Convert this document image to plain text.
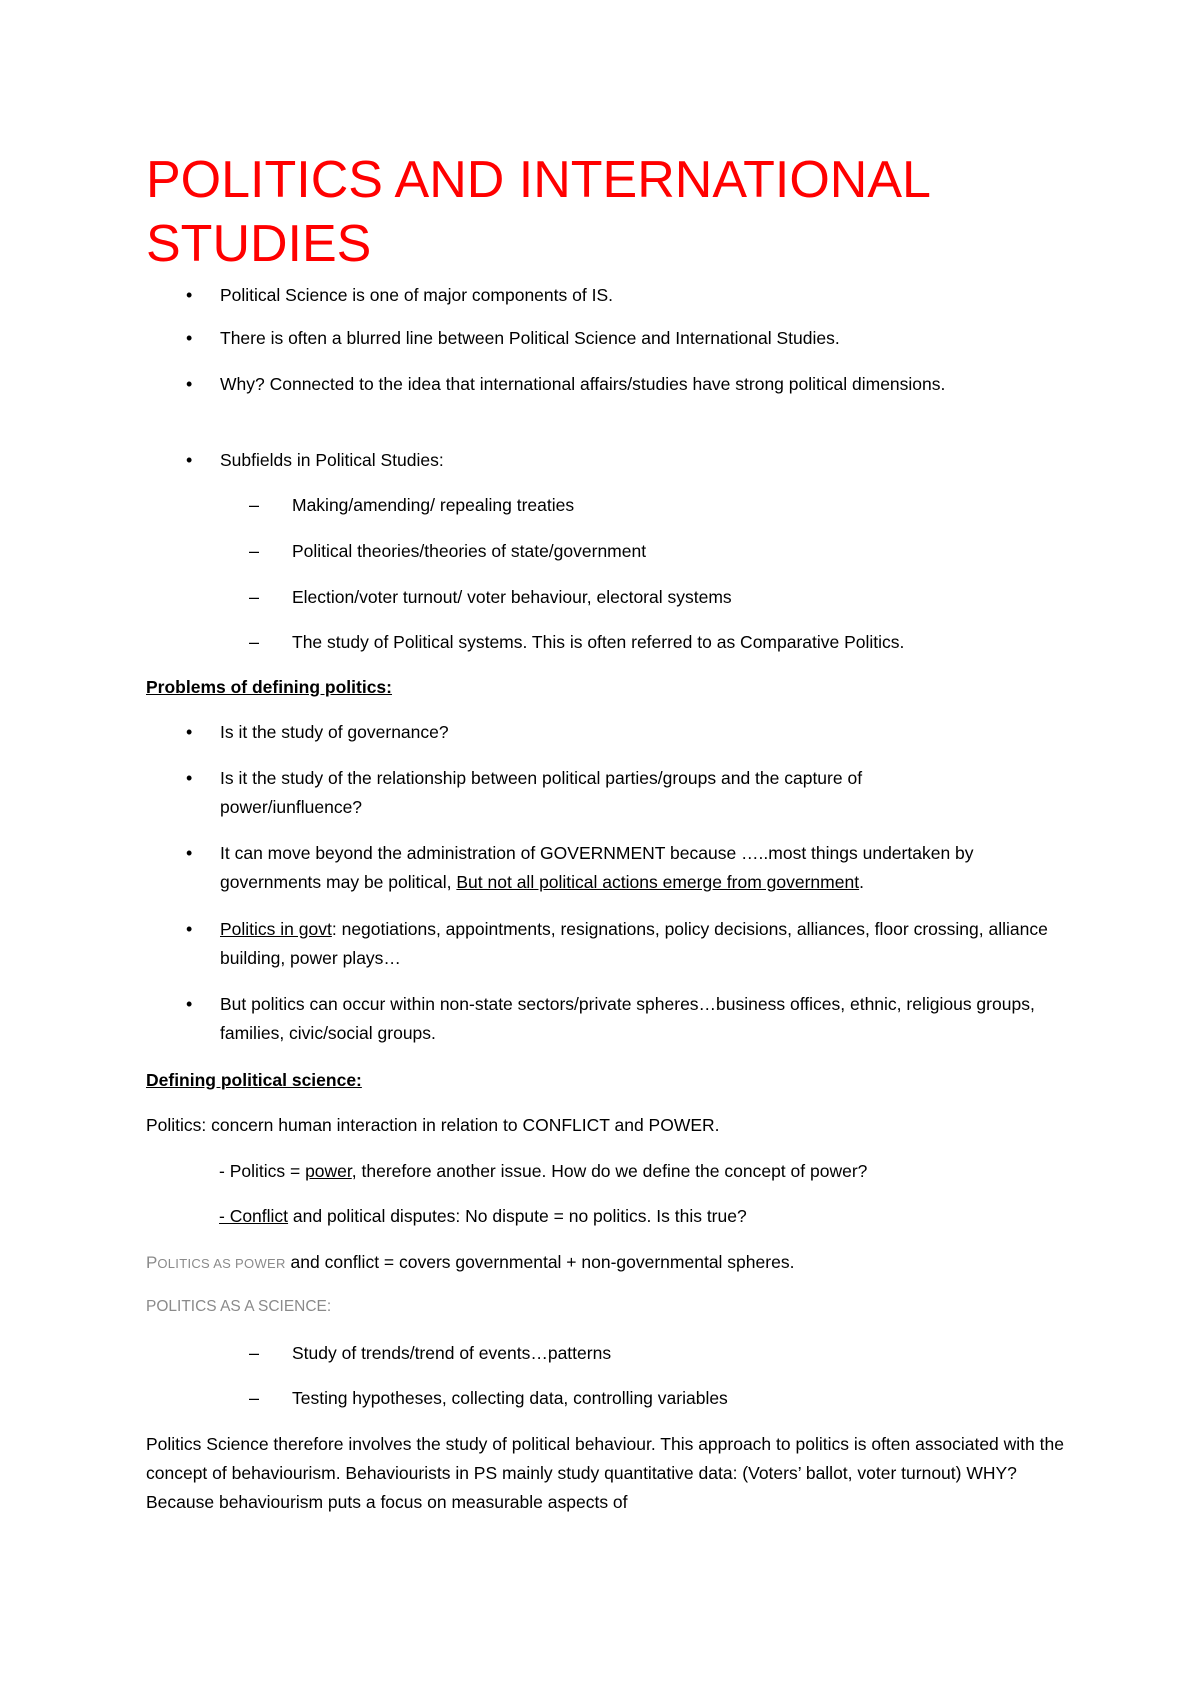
POLITICS AND INTERNATIONAL STUDIES
• Political Science is one of major components of IS.
• There is often a blurred line between Political Science and International Studies.
• Why? Connected to the idea that international affairs/studies have strong political dimensions.
• Subfields in Political Studies:
– Making/amending/ repealing treaties
– Political theories/theories of state/government
– Election/voter turnout/ voter behaviour, electoral systems
– The study of Political systems. This is often referred to as Comparative Politics.
Problems of defining politics:
• Is it the study of governance?
• Is it the study of the relationship between political parties/groups and the capture of power/iunfluence?
• It can move beyond the administration of GOVERNMENT because …..most things undertaken by governments may be political, But not all political actions emerge from government.
• Politics in govt: negotiations, appointments, resignations, policy decisions, alliances, floor crossing, alliance building, power plays…
• But politics can occur within non-state sectors/private spheres…business offices, ethnic, religious groups, families, civic/social groups.
Defining political science:
Politics: concern human interaction in relation to CONFLICT and POWER.
- Politics = power, therefore another issue. How do we define the concept of power?
- Conflict and political disputes: No dispute = no politics. Is this true?
POLITICS AS POWER and conflict = covers governmental + non-governmental spheres.
POLITICS AS A SCIENCE:
– Study of trends/trend of events…patterns
– Testing hypotheses, collecting data, controlling variables
Politics Science therefore involves the study of political behaviour. This approach to politics is often associated with the concept of behaviourism. Behaviourists in PS mainly study quantitative data: (Voters’ ballot, voter turnout) WHY? Because behaviourism puts a focus on measurable aspects of
